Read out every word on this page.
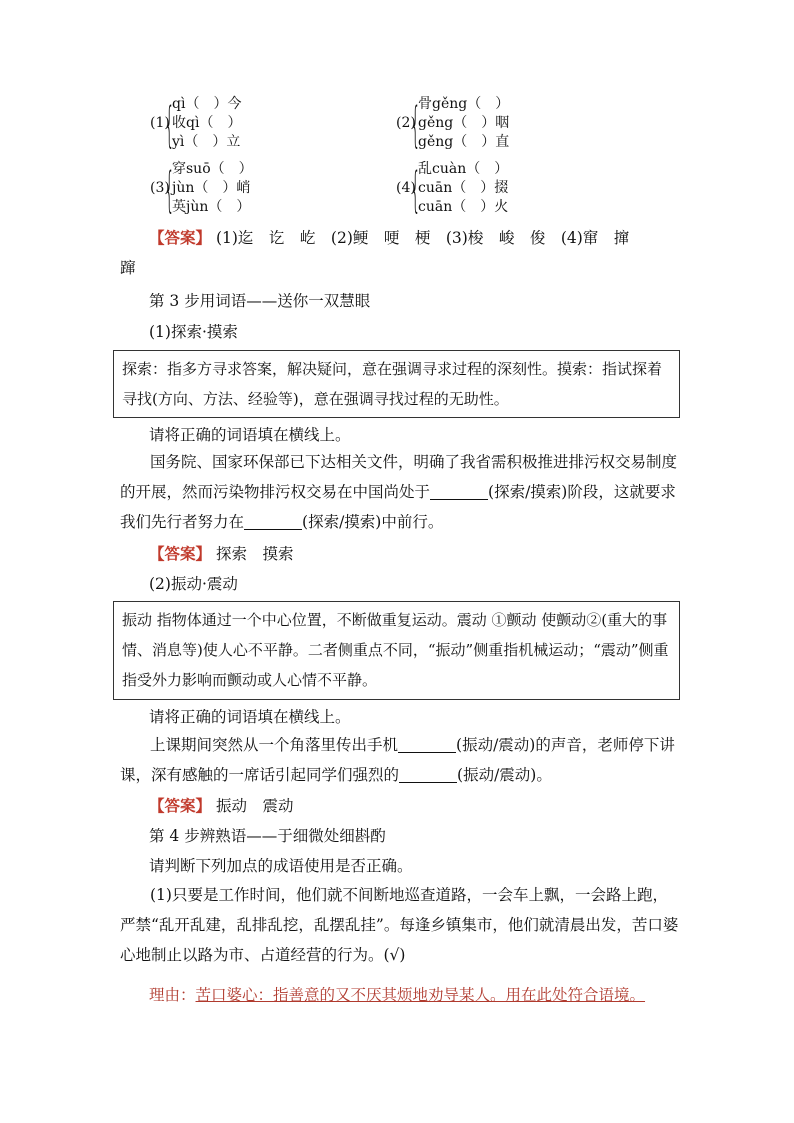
(1)
{
qì（　）今
收qì（　）
yì（　）立
(2)
{
骨gěng（　）
gěng（　）咽
gěng（　）直
(3)
{
穿suō（　）
jùn（　）峭
英jùn（　）
(4)
{
乱cuàn（　）
cuān（　）掇
cuān（　）火
【答案】 (1)迄　讫　屹　(2)鲠　哽　梗　(3)梭　峻　俊　(4)窜　撺
蹿
第 3 步用词语——送你一双慧眼
(1)探索·摸索
探索：指多方寻求答案，解决疑问，意在强调寻求过程的深刻性。摸索：指试探着寻找(方向、方法、经验等)，意在强调寻找过程的无助性。
请将正确的词语填在横线上。
国务院、国家环保部已下达相关文件，明确了我省需积极推进排污权交易制度的开展，然而污染物排污权交易在中国尚处于	(探索/摸索)阶段，这就要求我们先行者努力在	(探索/摸索)中前行。
【答案】 探索　摸索
(2)振动·震动
振动 指物体通过一个中心位置，不断做重复运动。震动 ①颤动 使颤动②(重大的事情、消息等)使人心不平静。二者侧重点不同，“振动”侧重指机械运动；“震动”侧重指受外力影响而颤动或人心情不平静。
请将正确的词语填在横线上。
上课期间突然从一个角落里传出手机	(振动/震动)的声音，老师停下讲课，深有感触的一席话引起同学们强烈的	(振动/震动)。
【答案】 振动　震动
第 4 步辨熟语——于细微处细斟酌
请判断下列加点的成语使用是否正确。
(1)只要是工作时间，他们就不间断地巡查道路，一会车上飘，一会路上跑，严禁“乱开乱建，乱排乱挖，乱摆乱挂”。每逢乡镇集市，他们就清晨出发，苦口婆心地制止以路为市、占道经营的行为。(√)
理由：苦口婆心：指善意的又不厌其烦地劝导某人。用在此处符合语境。
